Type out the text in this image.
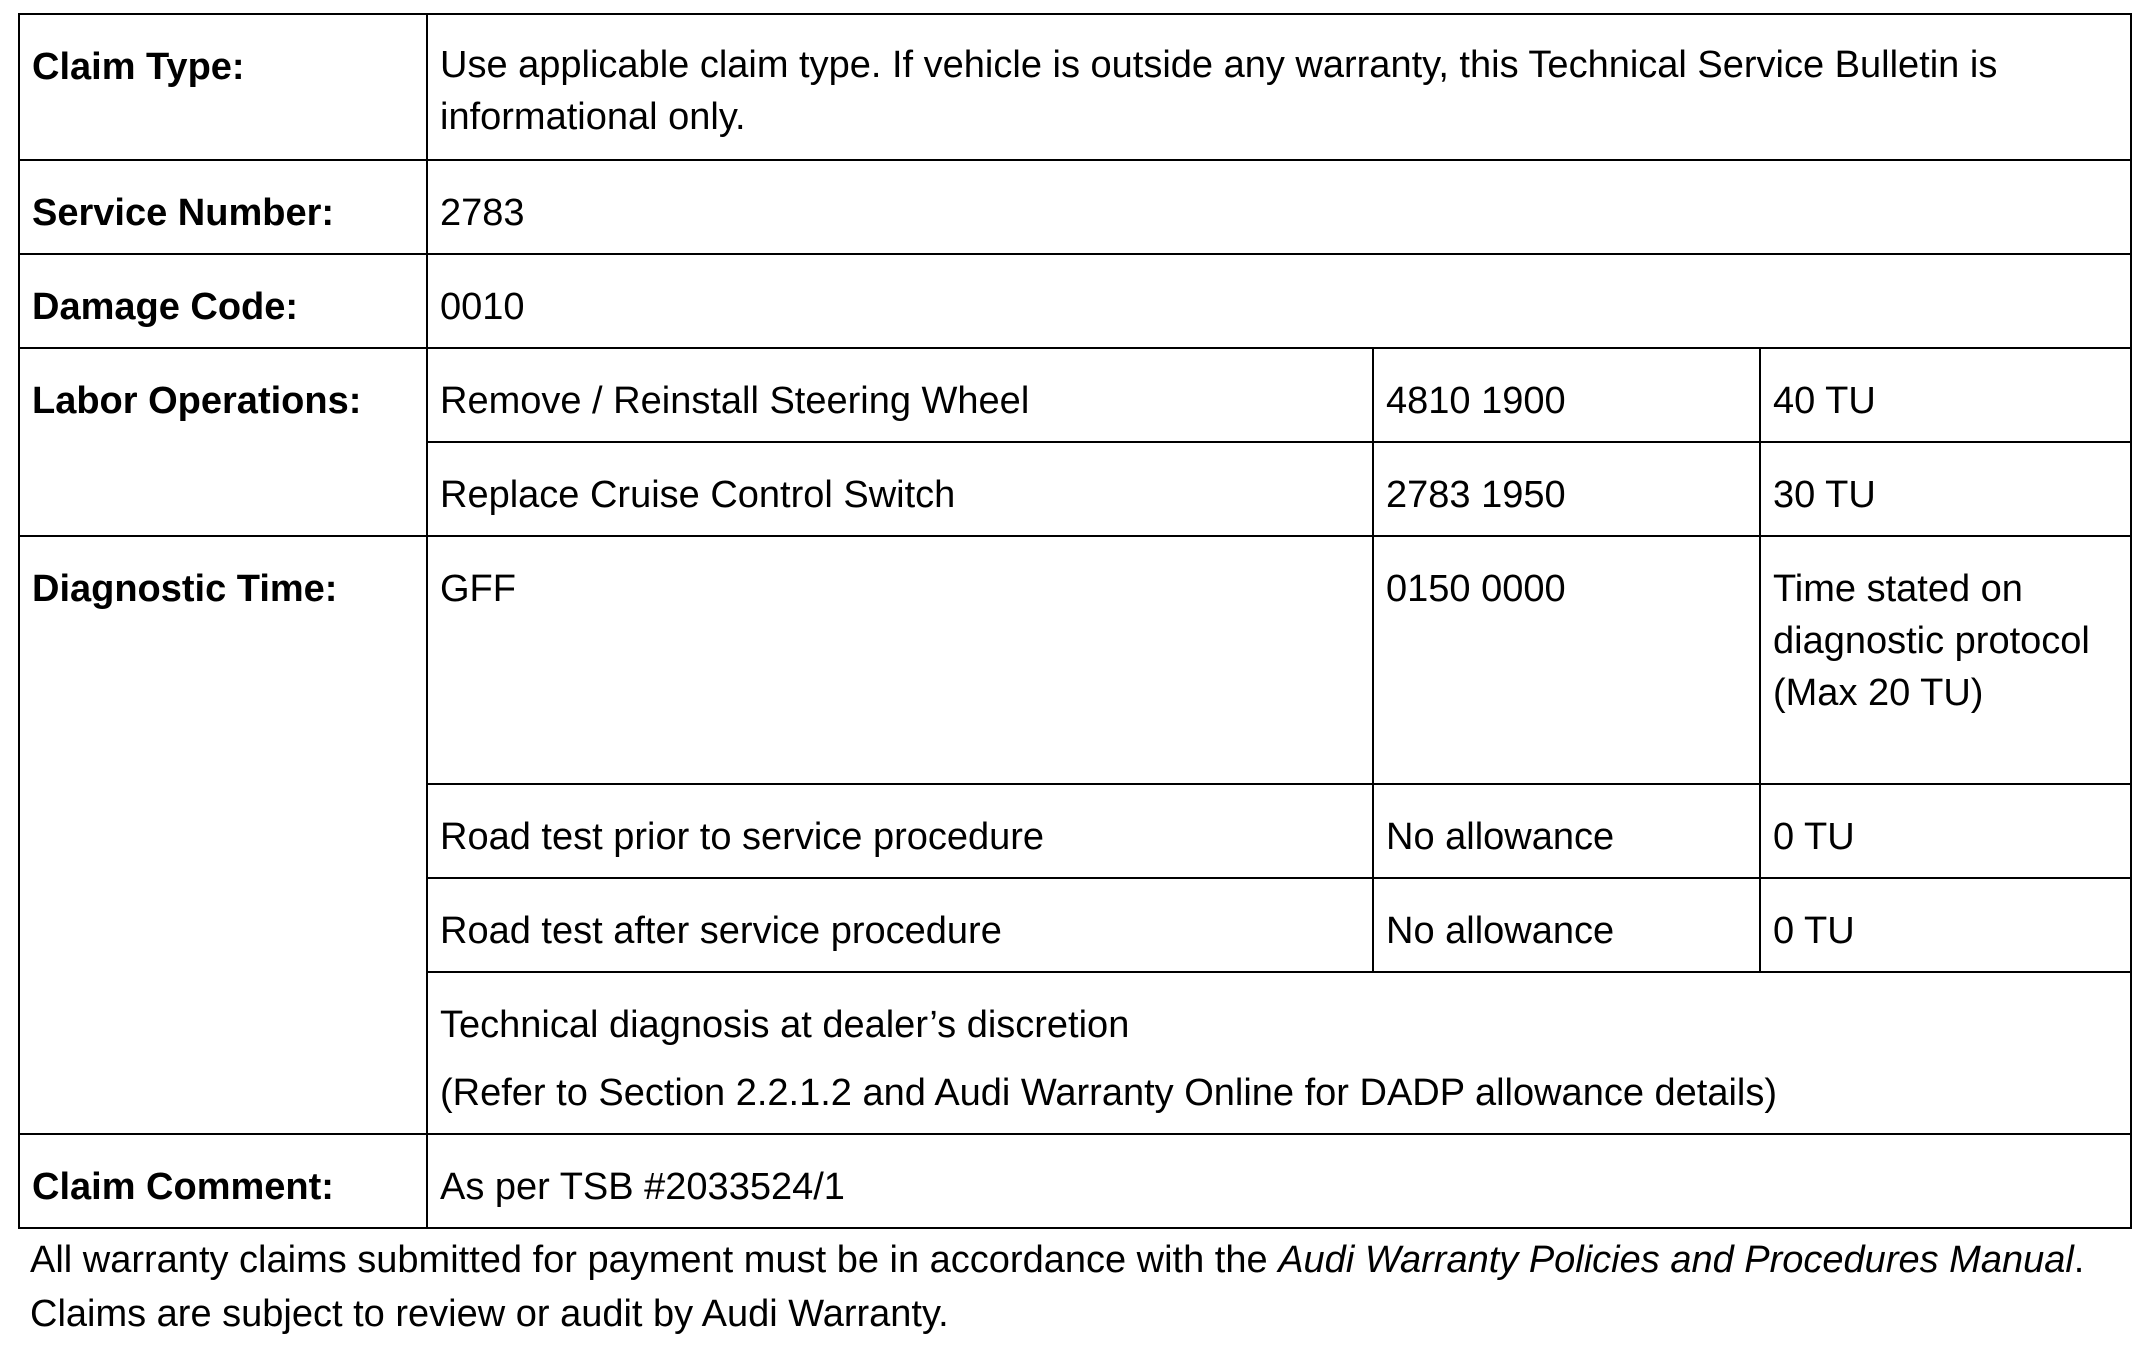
Claim Type:	Use applicable claim type. If vehicle is outside any warranty, this Technical Service Bulletin is informational only.		
Service Number:	2783		
Damage Code:	0010		
Labor Operations:	Remove / Reinstall Steering Wheel	4810 1900	40 TU
	Replace Cruise Control Switch	2783 1950	30 TU
Diagnostic Time:	GFF	0150 0000	Time stated on diagnostic protocol (Max 20 TU)
	Road test prior to service procedure	No allowance	0 TU
	Road test after service procedure	No allowance	0 TU

	Technical diagnosis at dealer’s discretion
(Refer to Section 2.2.1.2 and Audi Warranty Online for DADP allowance details)		

Claim Comment:	As per TSB #2033524/1		

All warranty claims submitted for payment must be in accordance with the Audi Warranty Policies and Procedures Manual. Claims are subject to review or audit by Audi Warranty.
